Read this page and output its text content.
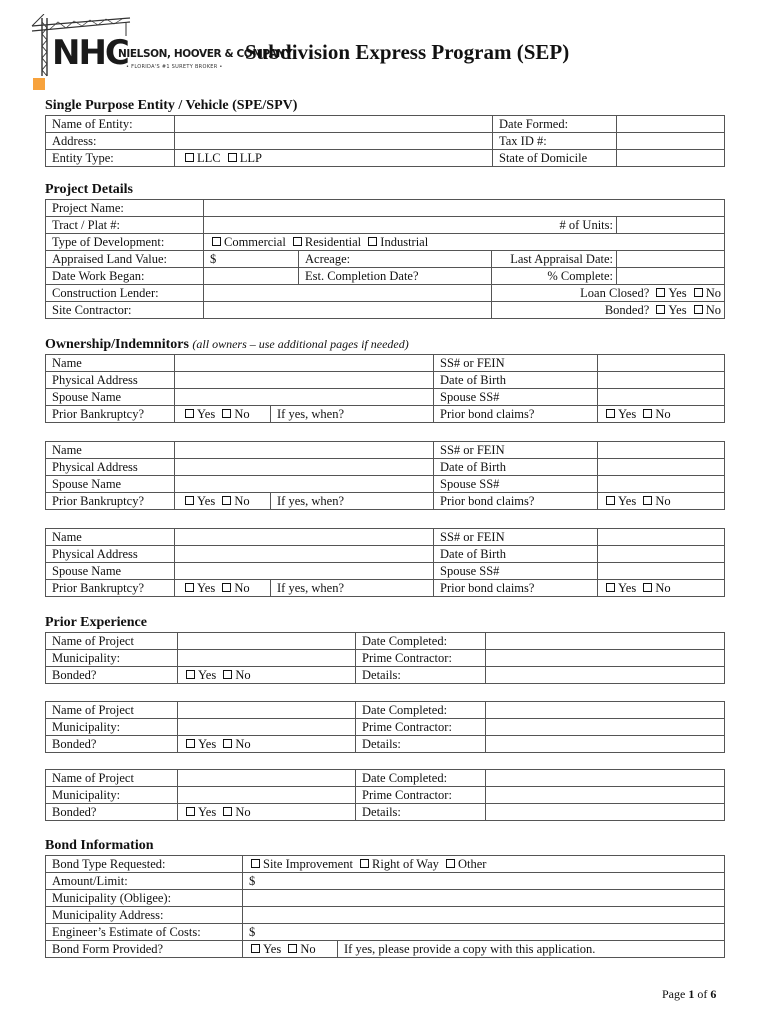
NHC
NIELSON, HOOVER & COMPANY
• FLORIDA'S #1 SURETY BROKER •
Subdivision Express Program (SEP)
Single Purpose Entity / Vehicle (SPE/SPV)
Name of Entity:		Date Formed:	
Address:		Tax ID #:	
Entity Type:	LLC LLP	State of Domicile	
Project Details
Project Name:				
Tract / Plat #:	# of Units:			
Type of Development:	Commercial Residential Industrial			
Appraised Land Value:	$	Acreage:	Last Appraisal Date:	
Date Work Began:		Est. Completion Date?	% Complete:	
Construction Lender:			Loan Closed? Yes No	
Site Contractor:			Bonded? Yes No	
Ownership/Indemnitors (all owners – use additional pages if needed)
Name			SS# or FEIN	
Physical Address			Date of Birth	
Spouse Name			Spouse SS#	
Prior Bankruptcy?	Yes No	If yes, when?	Prior bond claims?	Yes No
Name			SS# or FEIN	
Physical Address			Date of Birth	
Spouse Name			Spouse SS#	
Prior Bankruptcy?	Yes No	If yes, when?	Prior bond claims?	Yes No
Name			SS# or FEIN	
Physical Address			Date of Birth	
Spouse Name			Spouse SS#	
Prior Bankruptcy?	Yes No	If yes, when?	Prior bond claims?	Yes No
Prior Experience
Name of Project		Date Completed:	
Municipality:		Prime Contractor:	
Bonded?	Yes No	Details:	
Name of Project		Date Completed:	
Municipality:		Prime Contractor:	
Bonded?	Yes No	Details:	
Name of Project		Date Completed:	
Municipality:		Prime Contractor:	
Bonded?	Yes No	Details:	
Bond Information
Bond Type Requested:	Site Improvement Right of Way Other	
Amount/Limit:	$	
Municipality (Obligee):		
Municipality Address:		
Engineer’s Estimate of Costs:	$	
Bond Form Provided?	Yes No	If yes, please provide a copy with this application.
Page 1 of 6
